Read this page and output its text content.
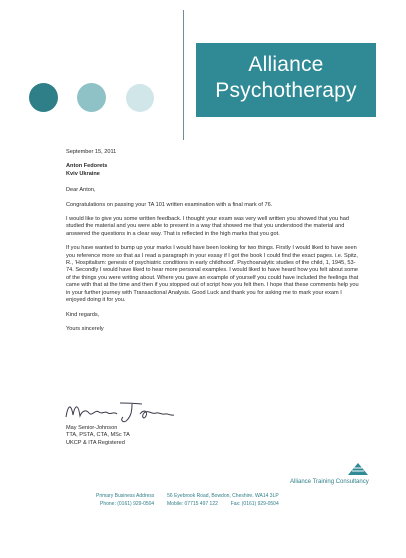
Alliance
Psychotherapy

September 15, 2011

Anton Fedorets

Kviv Ukraine

Dear Anton,

Congratulations on passing your TA 101 written examination with a final mark of 76.

I would like to give you some written feedback. I thought your exam was very well written you showed that you had studied the material and you were able to present in a way that showed me that you understood the material and answered the questions in a clear way. That is reflected in the high marks that you got.

If you have wanted to bump up your marks I would have been looking for two things. Firstly I would liked to have seen you reference more so that as I read a paragraph in your essay if I got the book I could find the exact pages. i.e. Spitz, R., 'Hospitalism: genesis of psychiatric conditions in early childhood'. Psychoanalytic studies of the child, 1, 1945, 53-74. Secondly I would have liked to hear more personal examples. I would liked to have heard how you felt about some of the things you were writing about. Where you gave an example of yourself you could have included the feelings that came with that at the time and then if you stopped out of script how you felt then. I hope that these comments help you in your further journey with Transactional Analysis. Good Luck and thank you for asking me to mark your exam I enjoyed doing it for you.

Kind regards,

Yours sincerely

May Senior-Johnson

TTA, PSTA, CTA, MSc TA

UKCP & ITA Registered

Alliance Training Consultancy
Primary Business Address	56 Eyebrook Road, Bowdon, Cheshire. WA14 3LP
Phone: (0161) 929-0504	Mobile: 07715 497 122	Fax: (0161) 929-0504
